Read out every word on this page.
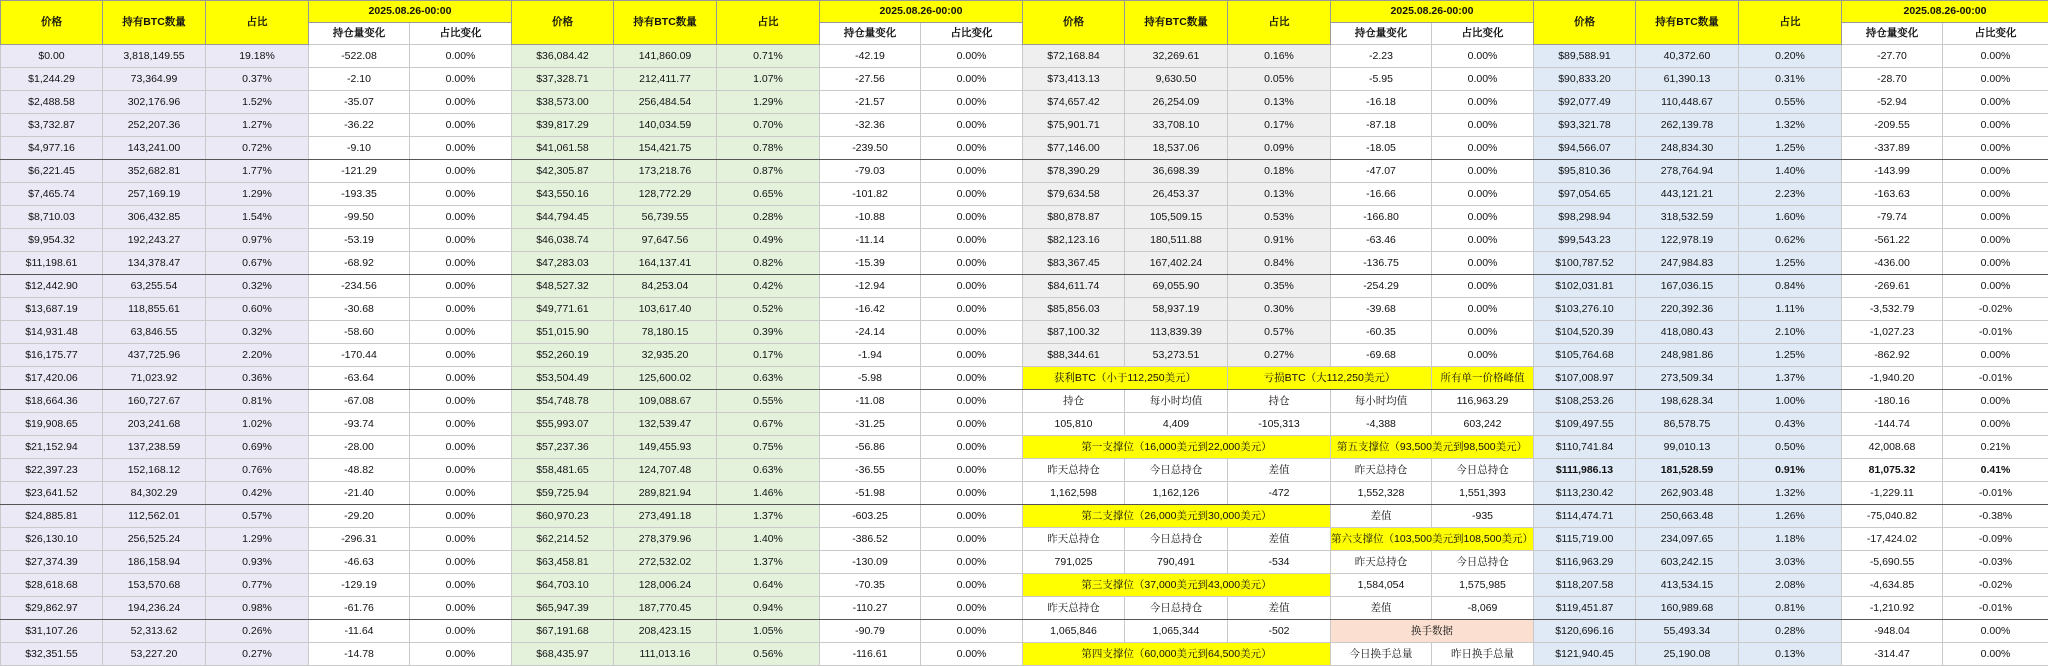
价格	持有BTC数量	占比	2025.08.26-00:00		价格	持有BTC数量	占比	2025.08.26-00:00		价格	持有BTC数量	占比	2025.08.26-00:00		价格	持有BTC数量	占比	2025.08.26-00:00	
			持仓量变化	占比变化				持仓量变化	占比变化				持仓量变化	占比变化				持仓量变化	占比变化
$0.00	3,818,149.55	19.18%	-522.08	0.00%	$36,084.42	141,860.09	0.71%	-42.19	0.00%	$72,168.84	32,269.61	0.16%	-2.23	0.00%	$89,588.91	40,372.60	0.20%	-27.70	0.00%
$1,244.29	73,364.99	0.37%	-2.10	0.00%	$37,328.71	212,411.77	1.07%	-27.56	0.00%	$73,413.13	9,630.50	0.05%	-5.95	0.00%	$90,833.20	61,390.13	0.31%	-28.70	0.00%
$2,488.58	302,176.96	1.52%	-35.07	0.00%	$38,573.00	256,484.54	1.29%	-21.57	0.00%	$74,657.42	26,254.09	0.13%	-16.18	0.00%	$92,077.49	110,448.67	0.55%	-52.94	0.00%
$3,732.87	252,207.36	1.27%	-36.22	0.00%	$39,817.29	140,034.59	0.70%	-32.36	0.00%	$75,901.71	33,708.10	0.17%	-87.18	0.00%	$93,321.78	262,139.78	1.32%	-209.55	0.00%
$4,977.16	143,241.00	0.72%	-9.10	0.00%	$41,061.58	154,421.75	0.78%	-239.50	0.00%	$77,146.00	18,537.06	0.09%	-18.05	0.00%	$94,566.07	248,834.30	1.25%	-337.89	0.00%
$6,221.45	352,682.81	1.77%	-121.29	0.00%	$42,305.87	173,218.76	0.87%	-79.03	0.00%	$78,390.29	36,698.39	0.18%	-47.07	0.00%	$95,810.36	278,764.94	1.40%	-143.99	0.00%
$7,465.74	257,169.19	1.29%	-193.35	0.00%	$43,550.16	128,772.29	0.65%	-101.82	0.00%	$79,634.58	26,453.37	0.13%	-16.66	0.00%	$97,054.65	443,121.21	2.23%	-163.63	0.00%
$8,710.03	306,432.85	1.54%	-99.50	0.00%	$44,794.45	56,739.55	0.28%	-10.88	0.00%	$80,878.87	105,509.15	0.53%	-166.80	0.00%	$98,298.94	318,532.59	1.60%	-79.74	0.00%
$9,954.32	192,243.27	0.97%	-53.19	0.00%	$46,038.74	97,647.56	0.49%	-11.14	0.00%	$82,123.16	180,511.88	0.91%	-63.46	0.00%	$99,543.23	122,978.19	0.62%	-561.22	0.00%
$11,198.61	134,378.47	0.67%	-68.92	0.00%	$47,283.03	164,137.41	0.82%	-15.39	0.00%	$83,367.45	167,402.24	0.84%	-136.75	0.00%	$100,787.52	247,984.83	1.25%	-436.00	0.00%
$12,442.90	63,255.54	0.32%	-234.56	0.00%	$48,527.32	84,253.04	0.42%	-12.94	0.00%	$84,611.74	69,055.90	0.35%	-254.29	0.00%	$102,031.81	167,036.15	0.84%	-269.61	0.00%
$13,687.19	118,855.61	0.60%	-30.68	0.00%	$49,771.61	103,617.40	0.52%	-16.42	0.00%	$85,856.03	58,937.19	0.30%	-39.68	0.00%	$103,276.10	220,392.36	1.11%	-3,532.79	-0.02%
$14,931.48	63,846.55	0.32%	-58.60	0.00%	$51,015.90	78,180.15	0.39%	-24.14	0.00%	$87,100.32	113,839.39	0.57%	-60.35	0.00%	$104,520.39	418,080.43	2.10%	-1,027.23	-0.01%
$16,175.77	437,725.96	2.20%	-170.44	0.00%	$52,260.19	32,935.20	0.17%	-1.94	0.00%	$88,344.61	53,273.51	0.27%	-69.68	0.00%	$105,764.68	248,981.86	1.25%	-862.92	0.00%
$17,420.06	71,023.92	0.36%	-63.64	0.00%	$53,504.49	125,600.02	0.63%	-5.98	0.00%	获利BTC（小于112,250美元）		亏损BTC（大112,250美元）		所有单一价格峰值	$107,008.97	273,509.34	1.37%	-1,940.20	-0.01%
$18,664.36	160,727.67	0.81%	-67.08	0.00%	$54,748.78	109,088.67	0.55%	-11.08	0.00%	持仓	每小时均值	持仓	每小时均值	116,963.29	$108,253.26	198,628.34	1.00%	-180.16	0.00%
$19,908.65	203,241.68	1.02%	-93.74	0.00%	$55,993.07	132,539.47	0.67%	-31.25	0.00%	105,810	4,409	-105,313	-4,388	603,242	$109,497.55	86,578.75	0.43%	-144.74	0.00%
$21,152.94	137,238.59	0.69%	-28.00	0.00%	$57,237.36	149,455.93	0.75%	-56.86	0.00%	第一支撑位（16,000美元到22,000美元）			第五支撑位（93,500美元到98,500美元）		$110,741.84	99,010.13	0.50%	42,008.68	0.21%
$22,397.23	152,168.12	0.76%	-48.82	0.00%	$58,481.65	124,707.48	0.63%	-36.55	0.00%	昨天总持仓	今日总持仓	差值	昨天总持仓	今日总持仓	$111,986.13	181,528.59	0.91%	81,075.32	0.41%
$23,641.52	84,302.29	0.42%	-21.40	0.00%	$59,725.94	289,821.94	1.46%	-51.98	0.00%	1,162,598	1,162,126	-472	1,552,328	1,551,393	$113,230.42	262,903.48	1.32%	-1,229.11	-0.01%
$24,885.81	112,562.01	0.57%	-29.20	0.00%	$60,970.23	273,491.18	1.37%	-603.25	0.00%	第二支撑位（26,000美元到30,000美元）			差值	-935	$114,474.71	250,663.48	1.26%	-75,040.82	-0.38%
$26,130.10	256,525.24	1.29%	-296.31	0.00%	$62,214.52	278,379.96	1.40%	-386.52	0.00%	昨天总持仓	今日总持仓	差值	第六支撑位（103,500美元到108,500美元）		$115,719.00	234,097.65	1.18%	-17,424.02	-0.09%
$27,374.39	186,158.94	0.93%	-46.63	0.00%	$63,458.81	272,532.02	1.37%	-130.09	0.00%	791,025	790,491	-534	昨天总持仓	今日总持仓	$116,963.29	603,242.15	3.03%	-5,690.55	-0.03%
$28,618.68	153,570.68	0.77%	-129.19	0.00%	$64,703.10	128,006.24	0.64%	-70.35	0.00%	第三支撑位（37,000美元到43,000美元）			1,584,054	1,575,985	$118,207.58	413,534.15	2.08%	-4,634.85	-0.02%
$29,862.97	194,236.24	0.98%	-61.76	0.00%	$65,947.39	187,770.45	0.94%	-110.27	0.00%	昨天总持仓	今日总持仓	差值	差值	-8,069	$119,451.87	160,989.68	0.81%	-1,210.92	-0.01%
$31,107.26	52,313.62	0.26%	-11.64	0.00%	$67,191.68	208,423.15	1.05%	-90.79	0.00%	1,065,846	1,065,344	-502	换手数据		$120,696.16	55,493.34	0.28%	-948.04	0.00%
$32,351.55	53,227.20	0.27%	-14.78	0.00%	$68,435.97	111,013.16	0.56%	-116.61	0.00%	第四支撑位（60,000美元到64,500美元）			今日换手总量	昨日换手总量	$121,940.45	25,190.08	0.13%	-314.47	0.00%
